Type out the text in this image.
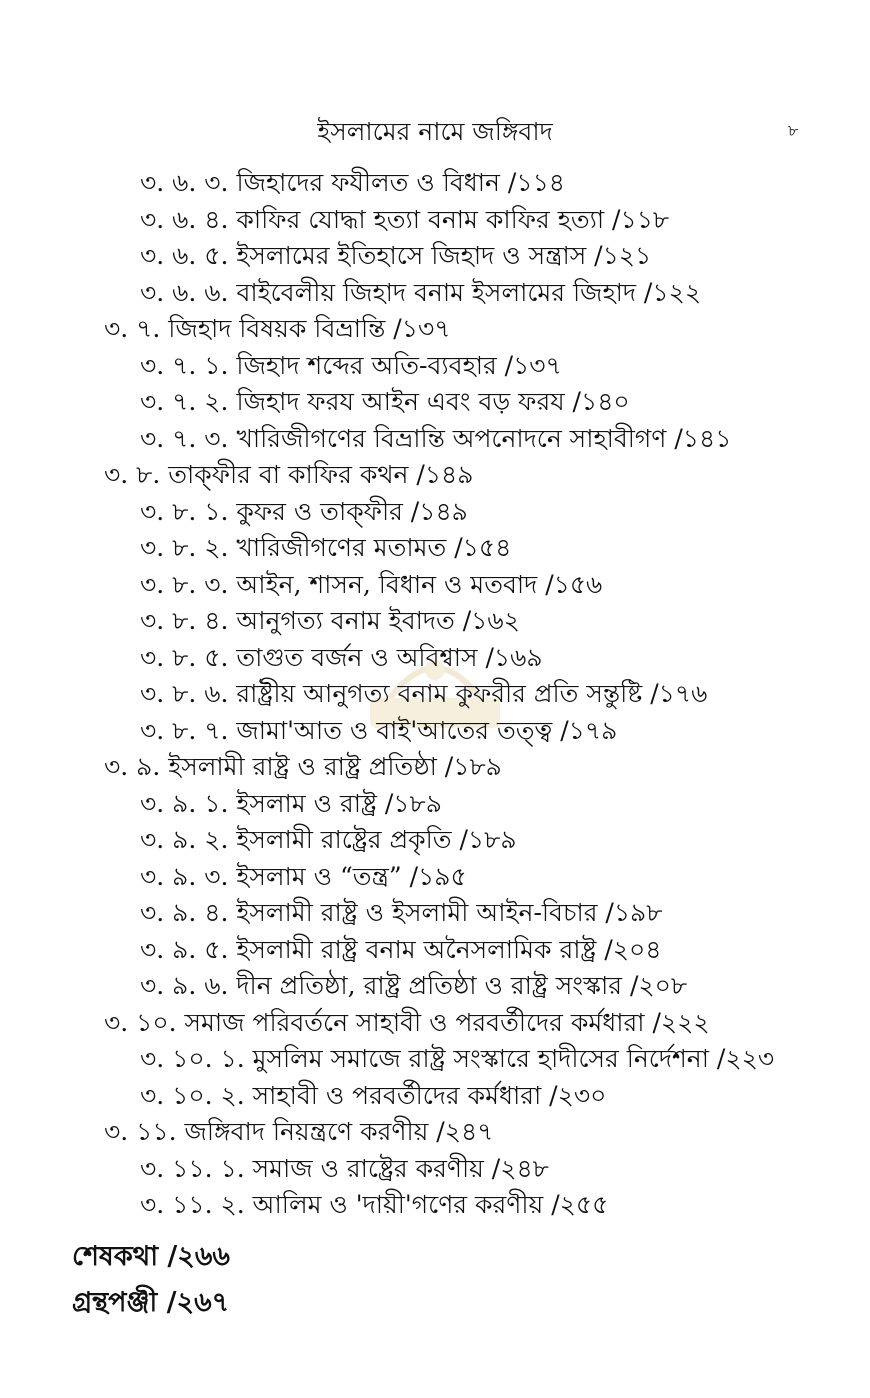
ইসলামের নামে জঙ্গিবাদ	৮
৩. ৬. ৩. জিহাদের ফযীলত ও বিধান /১১৪
৩. ৬. ৪. কাফির যোদ্ধা হত্যা বনাম কাফির হত্যা /১১৮
৩. ৬. ৫. ইসলামের ইতিহাসে জিহাদ ও সন্ত্রাস /১২১
৩. ৬. ৬. বাইবেলীয় জিহাদ বনাম ইসলামের জিহাদ /১২২
৩. ৭. জিহাদ বিষয়ক বিভ্রান্তি /১৩৭
৩. ৭. ১. জিহাদ শব্দের অতি-ব্যবহার /১৩৭
৩. ৭. ২. জিহাদ ফরয আইন এবং বড় ফরয /১৪০
৩. ৭. ৩. খারিজীগণের বিভ্রান্তি অপনোদনে সাহাবীগণ /১৪১
৩. ৮. তাক্ফীর বা কাফির কথন /১৪৯
৩. ৮. ১. কুফর ও তাক্ফীর /১৪৯
৩. ৮. ২. খারিজীগণের মতামত /১৫৪
৩. ৮. ৩. আইন, শাসন, বিধান ও মতবাদ /১৫৬
৩. ৮. ৪. আনুগত্য বনাম ইবাদত /১৬২
৩. ৮. ৫. তাগুত বর্জন ও অবিশ্বাস /১৬৯
৩. ৮. ৬. রাষ্ট্রীয় আনুগত্য বনাম কুফরীর প্রতি সন্তুষ্টি /১৭৬
৩. ৮. ৭. জামা'আত ও বাই'আতের তত্ত্ব /১৭৯
৩. ৯. ইসলামী রাষ্ট্র ও রাষ্ট্র প্রতিষ্ঠা /১৮৯
৩. ৯. ১. ইসলাম ও রাষ্ট্র /১৮৯
৩. ৯. ২. ইসলামী রাষ্ট্রের প্রকৃতি /১৮৯
৩. ৯. ৩. ইসলাম ও “তন্ত্র” /১৯৫
৩. ৯. ৪. ইসলামী রাষ্ট্র ও ইসলামী আইন-বিচার /১৯৮
৩. ৯. ৫. ইসলামী রাষ্ট্র বনাম অনৈসলামিক রাষ্ট্র /২০৪
৩. ৯. ৬. দীন প্রতিষ্ঠা, রাষ্ট্র প্রতিষ্ঠা ও রাষ্ট্র সংস্কার /২০৮
৩. ১০. সমাজ পরিবর্তনে সাহাবী ও পরবর্তীদের কর্মধারা /২২২
৩. ১০. ১. মুসলিম সমাজে রাষ্ট্র সংস্কারে হাদীসের নির্দেশনা /২২৩
৩. ১০. ২. সাহাবী ও পরবর্তীদের কর্মধারা /২৩০
৩. ১১. জঙ্গিবাদ নিয়ন্ত্রণে করণীয় /২৪৭
৩. ১১. ১. সমাজ ও রাষ্ট্রের করণীয় /২৪৮
৩. ১১. ২. আলিম ও 'দায়ী'গণের করণীয় /২৫৫
শেষকথা /২৬৬
গ্রন্থপঞ্জী /২৬৭
